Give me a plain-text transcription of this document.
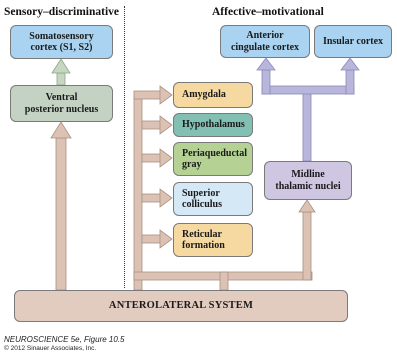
Sensory–discriminative	Affective–motivational
Somatosensory
cortex (S1, S2)
Ventral
posterior nucleus
Anterior
cingulate cortex
Insular cortex
Amygdala
Hypothalamus
Periaqueductal
gray
Superior
colliculus
Reticular
formation
Midline
thalamic nuclei
ANTEROLATERAL SYSTEM
NEUROSCIENCE 5e, Figure 10.5
© 2012 Sinauer Associates, Inc.
